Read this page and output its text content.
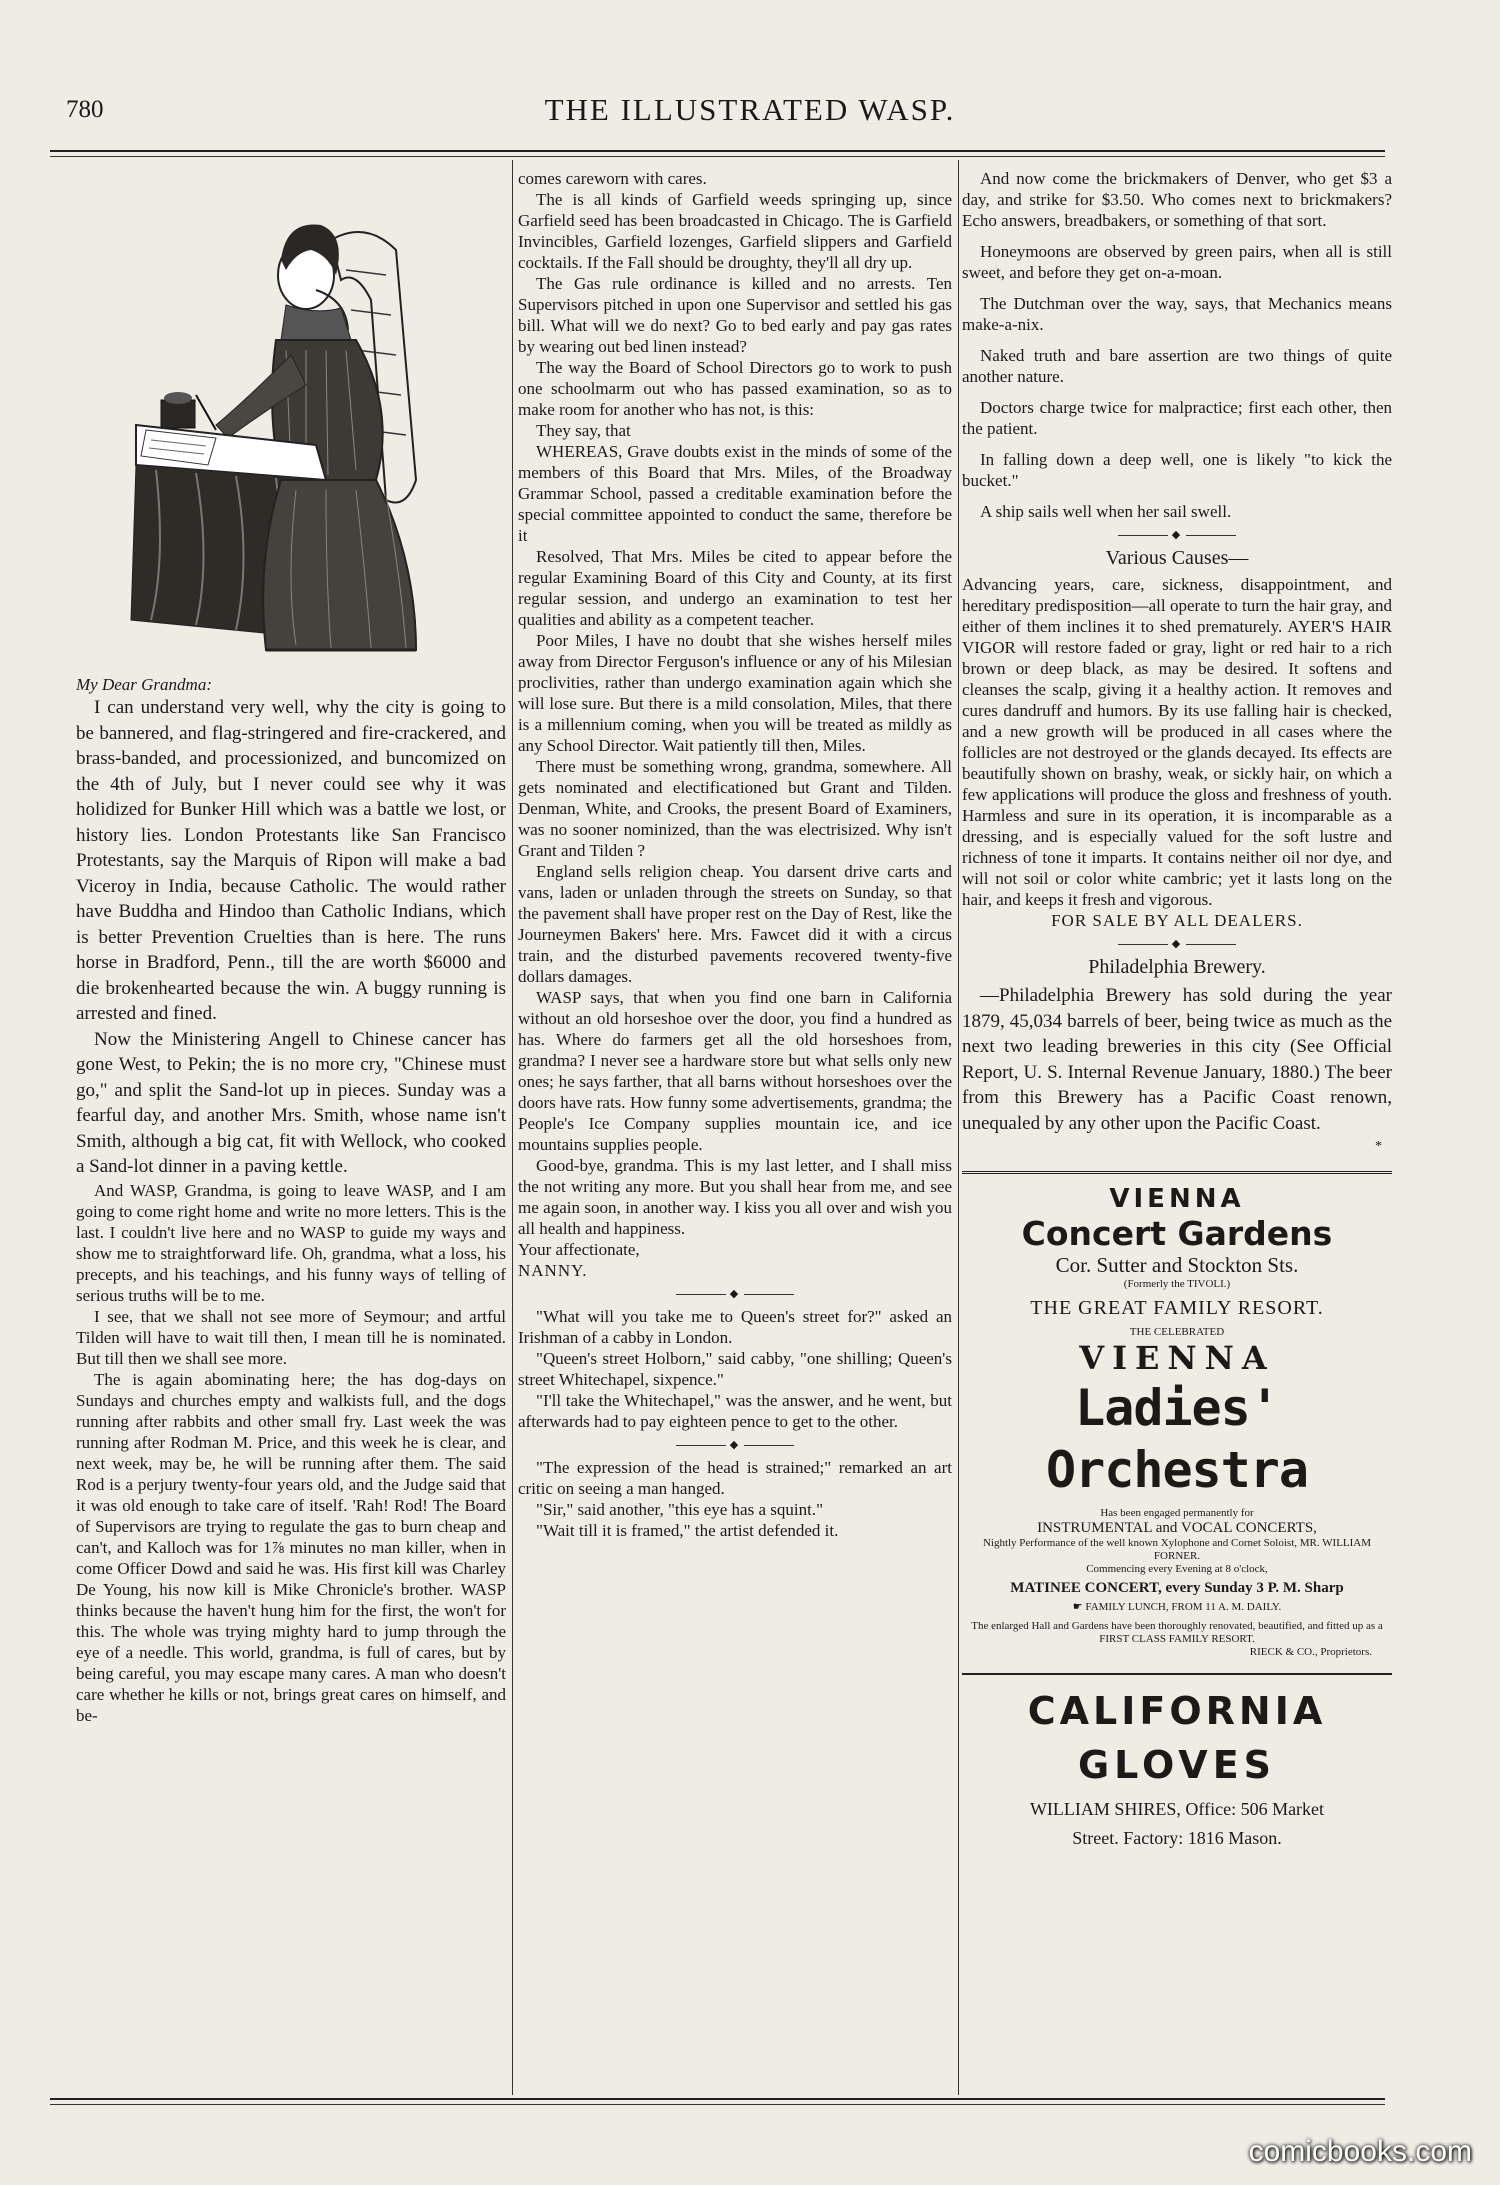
780	THE ILLUSTRATED WASP.

My Dear Grandma:

I can understand very well, why the city is going to be bannered, and flag-stringered and fire-crackered, and brass-banded, and processionized, and buncomized on the 4th of July, but I never could see why it was holidized for Bunker Hill which was a battle we lost, or history lies. London Protestants like San Francisco Protestants, say the Marquis of Ripon will make a bad Viceroy in India, because Catholic. The would rather have Buddha and Hindoo than Catholic Indians, which is better Prevention Cruelties than is here. The runs horse in Bradford, Penn., till the are worth $6000 and die brokenhearted because the win. A buggy running is arrested and fined.

Now the Ministering Angell to Chinese cancer has gone West, to Pekin; the is no more cry, "Chinese must go," and split the Sand-lot up in pieces. Sunday was a fearful day, and another Mrs. Smith, whose name isn't Smith, although a big cat, fit with Wellock, who cooked a Sand-lot dinner in a paving kettle.

And WASP, Grandma, is going to leave WASP, and I am going to come right home and write no more letters. This is the last. I couldn't live here and no WASP to guide my ways and show me to straightforward life. Oh, grandma, what a loss, his precepts, and his teachings, and his funny ways of telling of serious truths will be to me.

I see, that we shall not see more of Seymour; and artful Tilden will have to wait till then, I mean till he is nominated. But till then we shall see more.

The is again abominating here; the has dog-days on Sundays and churches empty and walkists full, and the dogs running after rabbits and other small fry. Last week the was running after Rodman M. Price, and this week he is clear, and next week, may be, he will be running after them. The said Rod is a perjury twenty-four years old, and the Judge said that it was old enough to take care of itself. 'Rah! Rod! The Board of Supervisors are trying to regulate the gas to burn cheap and can't, and Kalloch was for 1⅞ minutes no man killer, when in come Officer Dowd and said he was. His first kill was Charley De Young, his now kill is Mike Chronicle's brother. WASP thinks because the haven't hung him for the first, the won't for this. The whole was trying mighty hard to jump through the eye of a needle. This world, grandma, is full of cares, but by being careful, you may escape many cares. A man who doesn't care whether he kills or not, brings great cares on himself, and be-

comes careworn with cares.

The is all kinds of Garfield weeds springing up, since Garfield seed has been broadcasted in Chicago. The is Garfield Invincibles, Garfield lozenges, Garfield slippers and Garfield cocktails. If the Fall should be droughty, they'll all dry up.

The Gas rule ordinance is killed and no arrests. Ten Supervisors pitched in upon one Supervisor and settled his gas bill. What will we do next? Go to bed early and pay gas rates by wearing out bed linen instead?

The way the Board of School Directors go to work to push one schoolmarm out who has passed examination, so as to make room for another who has not, is this:

They say, that

WHEREAS, Grave doubts exist in the minds of some of the members of this Board that Mrs. Miles, of the Broadway Grammar School, passed a creditable examination before the special committee appointed to conduct the same, therefore be it

Resolved, That Mrs. Miles be cited to appear before the regular Examining Board of this City and County, at its first regular session, and undergo an examination to test her qualities and ability as a competent teacher.

Poor Miles, I have no doubt that she wishes herself miles away from Director Ferguson's influence or any of his Milesian proclivities, rather than undergo examination again which she will lose sure. But there is a mild consolation, Miles, that there is a millennium coming, when you will be treated as mildly as any School Director. Wait patiently till then, Miles.

There must be something wrong, grandma, somewhere. All gets nominated and electificationed but Grant and Tilden. Denman, White, and Crooks, the present Board of Examiners, was no sooner nominized, than the was electrisized. Why isn't Grant and Tilden ?

England sells religion cheap. You darsent drive carts and vans, laden or unladen through the streets on Sunday, so that the pavement shall have proper rest on the Day of Rest, like the Journeymen Bakers' here. Mrs. Fawcet did it with a circus train, and the disturbed pavements recovered twenty-five dollars damages.

WASP says, that when you find one barn in California without an old horseshoe over the door, you find a hundred as has. Where do farmers get all the old horseshoes from, grandma? I never see a hardware store but what sells only new ones; he says farther, that all barns without horseshoes over the doors have rats. How funny some advertisements, grandma; the People's Ice Company supplies mountain ice, and ice mountains supplies people.

Good-bye, grandma. This is my last letter, and I shall miss the not writing any more. But you shall hear from me, and see me again soon, in another way. I kiss you all over and wish you all health and happiness.

Your affectionate,

NANNY.

◆

"What will you take me to Queen's street for?" asked an Irishman of a cabby in London.

"Queen's street Holborn," said cabby, "one shilling; Queen's street Whitechapel, sixpence."

"I'll take the Whitechapel," was the answer, and he went, but afterwards had to pay eighteen pence to get to the other.

◆

"The expression of the head is strained;" remarked an art critic on seeing a man hanged.

"Sir," said another, "this eye has a squint."

"Wait till it is framed," the artist defended it.

And now come the brickmakers of Denver, who get $3 a day, and strike for $3.50. Who comes next to brickmakers? Echo answers, breadbakers, or something of that sort.

Honeymoons are observed by green pairs, when all is still sweet, and before they get on-a-moan.

The Dutchman over the way, says, that Mechanics means make-a-nix.

Naked truth and bare assertion are two things of quite another nature.

Doctors charge twice for malpractice; first each other, then the patient.

In falling down a deep well, one is likely "to kick the bucket."

A ship sails well when her sail swell.

◆
Various Causes—

Advancing years, care, sickness, disappointment, and hereditary predisposition—all operate to turn the hair gray, and either of them inclines it to shed prematurely. AYER'S HAIR VIGOR will restore faded or gray, light or red hair to a rich brown or deep black, as may be desired. It softens and cleanses the scalp, giving it a healthy action. It removes and cures dandruff and humors. By its use falling hair is checked, and a new growth will be produced in all cases where the follicles are not destroyed or the glands decayed. Its effects are beautifully shown on brashy, weak, or sickly hair, on which a few applications will produce the gloss and freshness of youth. Harmless and sure in its operation, it is incomparable as a dressing, and is especially valued for the soft lustre and richness of tone it imparts. It contains neither oil nor dye, and will not soil or color white cambric; yet it lasts long on the hair, and keeps it fresh and vigorous.

FOR SALE BY ALL DEALERS.

◆
Philadelphia Brewery.

—Philadelphia Brewery has sold during the year 1879, 45,034 barrels of beer, being twice as much as the next two leading breweries in this city (See Official Report, U. S. Internal Revenue January, 1880.) The beer from this Brewery has a Pacific Coast renown, unequaled by any other upon the Pacific Coast.

*

VIENNA
Concert Gardens
Cor. Sutter and Stockton Sts.
(Formerly the TIVOLI.)
THE GREAT FAMILY RESORT.
THE CELEBRATED
VIENNA
Ladies' Orchestra
Has been engaged permanently for
INSTRUMENTAL and VOCAL CONCERTS,
Nightly Performance of the well known Xylophone and Cornet Soloist, MR. WILLIAM FORNER.
Commencing every Evening at 8 o'clock,
MATINEE CONCERT, every Sunday 3 P. M. Sharp
☛ FAMILY LUNCH, FROM 11 A. M. DAILY.
The enlarged Hall and Gardens have been thoroughly renovated, beautified, and fitted up as a FIRST CLASS FAMILY RESORT.
RIECK & CO., Proprietors.
CALIFORNIA
GLOVES
WILLIAM SHIRES, Office: 506 Market
Street. Factory: 1816 Mason.
comicbooks.com
